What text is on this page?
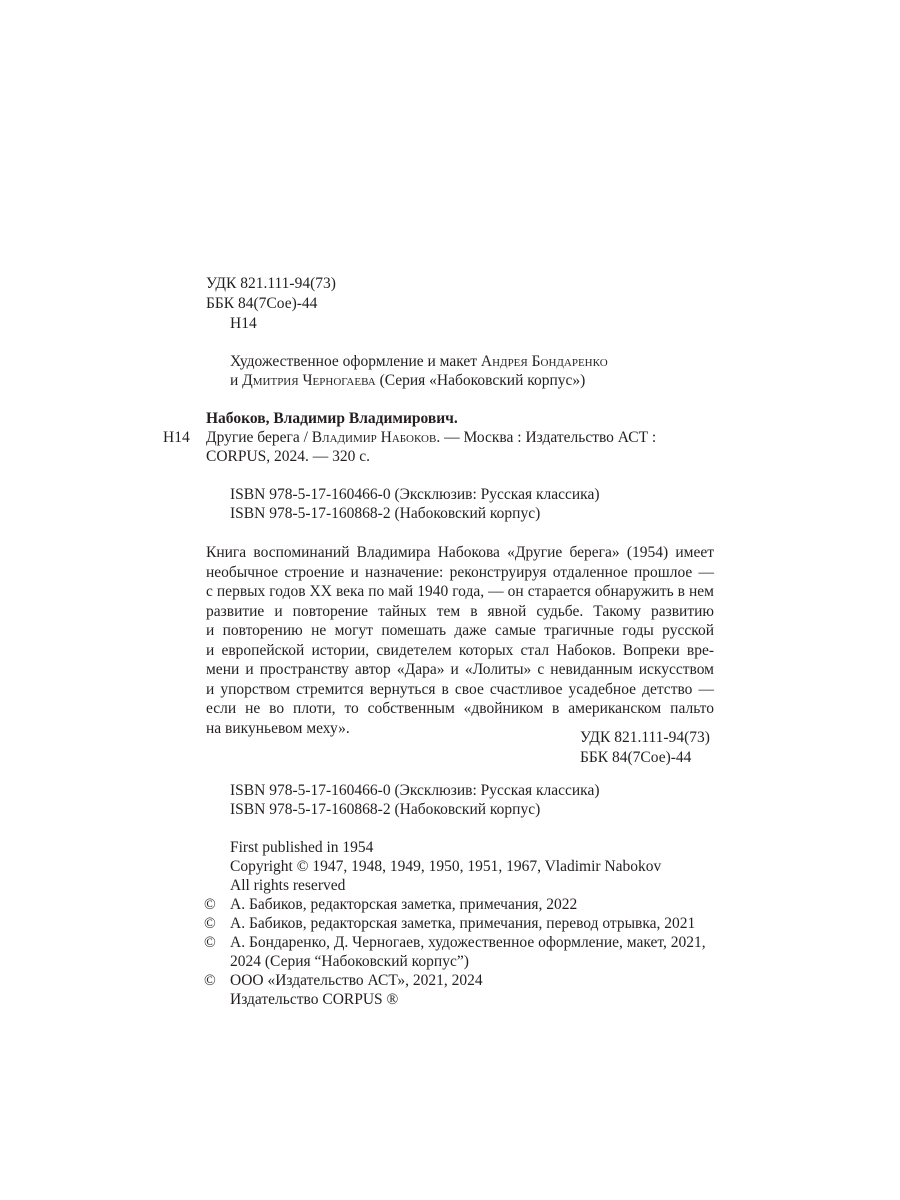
УДК 821.111-94(73)
ББК 84(7Сое)-44
Н14
Художественное оформление и макет Андрея Бондаренко
и Дмитрия Черногаева (Серия «Набоковский корпус»)
Набоков, Владимир Владимирович.
Н14 Другие берега / Владимир Набоков. — Москва : Издательство АСТ :
CORPUS, 2024. — 320 с.
ISBN 978-5-17-160466-0 (Эксклюзив: Русская классика)
ISBN 978-5-17-160868-2 (Набоковский корпус)
Книга воспоминаний Владимира Набокова «Другие берега» (1954) имеет
необычное строение и назначение: реконструируя отдаленное прошлое —
с первых годов XX века по май 1940 года, — он старается обнаружить в нем
развитие и повторение тайных тем в явной судьбе. Такому развитию
и повторению не могут помешать даже самые трагичные годы русской
и европейской истории, свидетелем которых стал Набоков. Вопреки вре-
мени и пространству автор «Дара» и «Лолиты» с невиданным искусством
и упорством стремится вернуться в свое счастливое усадебное детство —
если не во плоти, то собственным «двойником в американском пальто
на викуньевом меху».
УДК 821.111-94(73)
ББК 84(7Сое)-44
ISBN 978-5-17-160466-0 (Эксклюзив: Русская классика)
ISBN 978-5-17-160868-2 (Набоковский корпус)
First published in 1954
Copyright © 1947, 1948, 1949, 1950, 1951, 1967, Vladimir Nabokov
All rights reserved
© А. Бабиков, редакторская заметка, примечания, 2022
© А. Бабиков, редакторская заметка, примечания, перевод отрывка, 2021
© А. Бондаренко, Д. Черногаев, художественное оформление, макет, 2021,
2024 (Серия “Набоковский корпус”)
© ООО «Издательство АСТ», 2021, 2024
Издательство CORPUS ®
